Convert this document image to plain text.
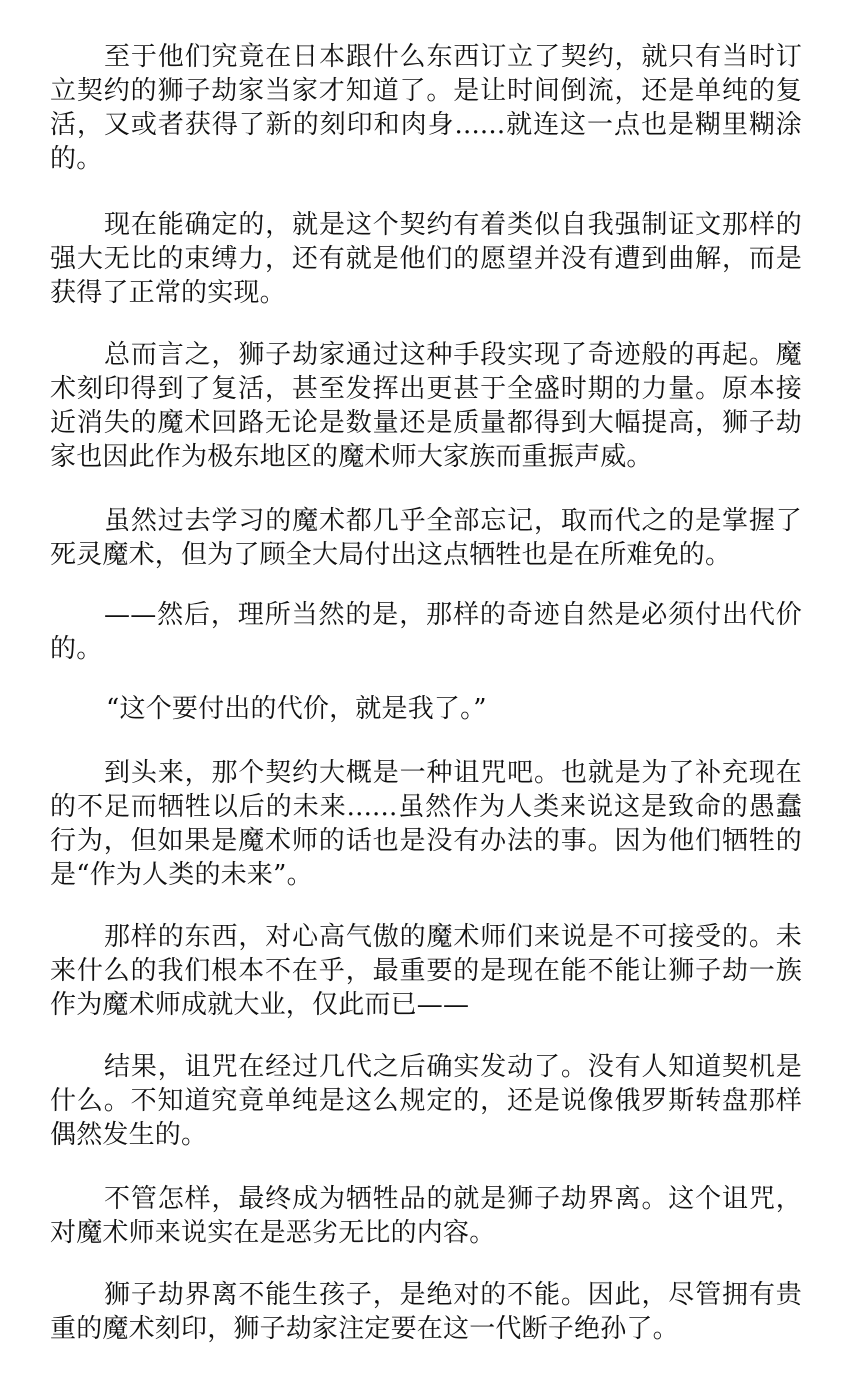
至于他们究竟在日本跟什么东西订立了契约，就只有当时订立契约的狮子劫家当家才知道了。是让时间倒流，还是单纯的复活，又或者获得了新的刻印和肉身......就连这一点也是糊里糊涂的。

现在能确定的，就是这个契约有着类似自我强制证文那样的强大无比的束缚力，还有就是他们的愿望并没有遭到曲解，而是获得了正常的实现。

总而言之，狮子劫家通过这种手段实现了奇迹般的再起。魔术刻印得到了复活，甚至发挥出更甚于全盛时期的力量。原本接近消失的魔术回路无论是数量还是质量都得到大幅提高，狮子劫家也因此作为极东地区的魔术师大家族而重振声威。

虽然过去学习的魔术都几乎全部忘记，取而代之的是掌握了死灵魔术，但为了顾全大局付出这点牺牲也是在所难免的。

——然后，理所当然的是，那样的奇迹自然是必须付出代价的。

“这个要付出的代价，就是我了。”

到头来，那个契约大概是一种诅咒吧。也就是为了补充现在的不足而牺牲以后的未来......虽然作为人类来说这是致命的愚蠢行为，但如果是魔术师的话也是没有办法的事。因为他们牺牲的是“作为人类的未来”。

那样的东西，对心高气傲的魔术师们来说是不可接受的。未来什么的我们根本不在乎，最重要的是现在能不能让狮子劫一族作为魔术师成就大业，仅此而已——

结果，诅咒在经过几代之后确实发动了。没有人知道契机是什么。不知道究竟单纯是这么规定的，还是说像俄罗斯转盘那样偶然发生的。

不管怎样，最终成为牺牲品的就是狮子劫界离。这个诅咒，对魔术师来说实在是恶劣无比的内容。

狮子劫界离不能生孩子，是绝对的不能。因此，尽管拥有贵重的魔术刻印，狮子劫家注定要在这一代断子绝孙了。
